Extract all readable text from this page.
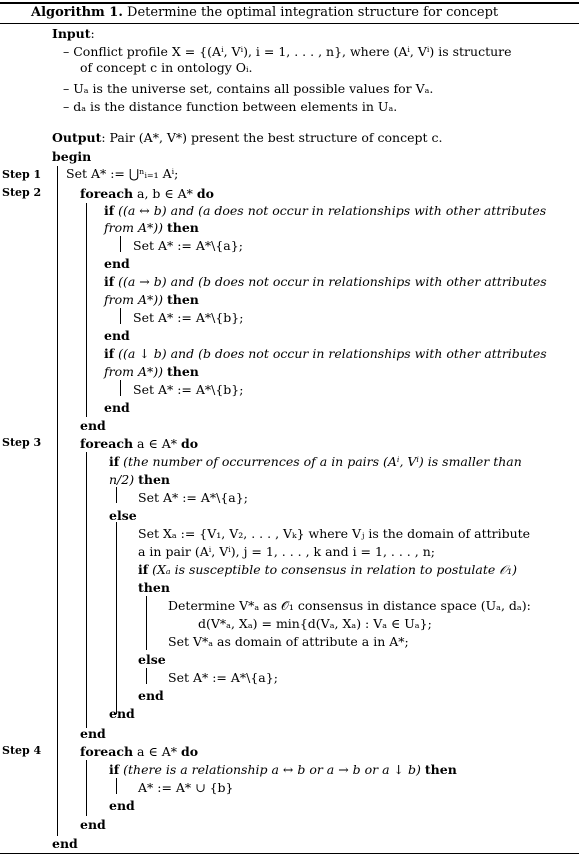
Algorithm 1. Determine the optimal integration structure for concept
Input:
– Conflict profile X = {(Aⁱ, Vⁱ), i = 1, . . . , n}, where (Aⁱ, Vⁱ) is structure
of concept c in ontology Oᵢ.
– Uₐ is the universe set, contains all possible values for Vₐ.
– dₐ is the distance function between elements in Uₐ.
Output: Pair (A*, V*) present the best structure of concept c.
begin
Step 1
Step 2
Step 3
Step 4
Set A* := ⋃ⁿᵢ₌₁ Aⁱ;
foreach a, b ∈ A* do
if ((a ↔ b) and (a does not occur in relationships with other attributes
from A*)) then
Set A* := A*\{a};
end
if ((a → b) and (b does not occur in relationships with other attributes
from A*)) then
Set A* := A*\{b};
end
if ((a ↓ b) and (b does not occur in relationships with other attributes
from A*)) then
Set A* := A*\{b};
end
end
foreach a ∈ A* do
if (the number of occurrences of a in pairs (Aⁱ, Vⁱ) is smaller than
n/2) then
Set A* := A*\{a};
else
Set Xₐ := {V₁, V₂, . . . , Vₖ} where Vⱼ is the domain of attribute
a in pair (Aⁱ, Vⁱ), j = 1, . . . , k and i = 1, . . . , n;
if (Xₐ is susceptible to consensus in relation to postulate 𝒪₁)
then
Determine V*ₐ as 𝒪₁ consensus in distance space (Uₐ, dₐ):
d(V*ₐ, Xₐ) = min{d(Vₐ, Xₐ) : Vₐ ∈ Uₐ};
Set V*ₐ as domain of attribute a in A*;
else
Set A* := A*\{a};
end
end
end
foreach a ∈ A* do
if (there is a relationship a ↔ b or a → b or a ↓ b) then
A* := A* ∪ {b}
end
end
end
